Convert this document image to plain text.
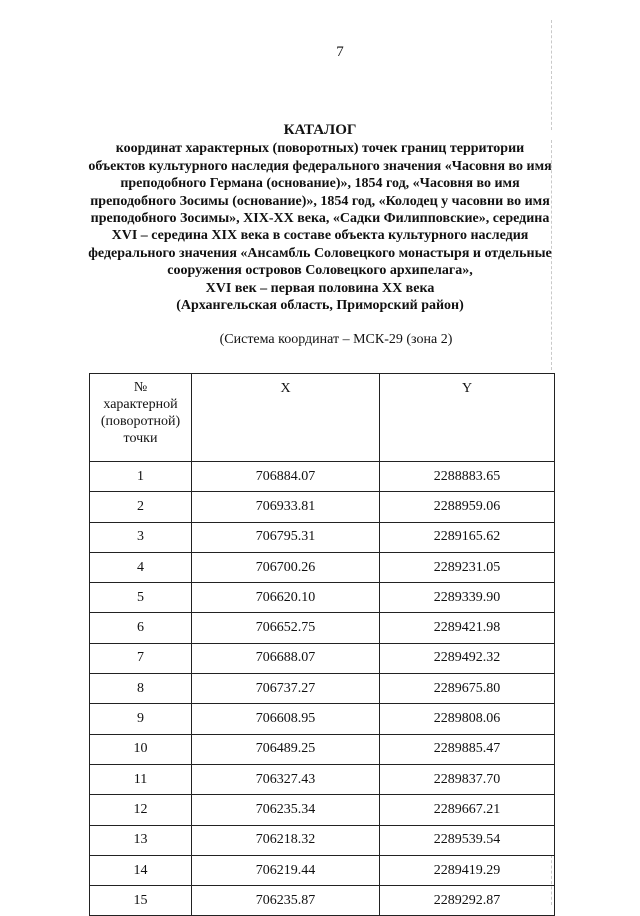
7
КАТАЛОГ
координат характерных (поворотных) точек границ территории
объектов культурного наследия федерального значения «Часовня во имя
преподобного Германа (основание)», 1854 год, «Часовня во имя
преподобного Зосимы (основание)», 1854 год, «Колодец у часовни во имя
преподобного Зосимы», XIX-XX века, «Садки Филипповские», середина
XVI – середина XIX века в составе объекта культурного наследия
федерального значения «Ансамбль Соловецкого монастыря и отдельные
сооружения островов Соловецкого архипелага»,
XVI век – первая половина XX века
(Архангельская область, Приморский район)
(Система координат – МСК-29 (зона 2)
№
характерной
(поворотной)
точки	X	Y
1	706884.07	2288883.65
2	706933.81	2288959.06
3	706795.31	2289165.62
4	706700.26	2289231.05
5	706620.10	2289339.90
6	706652.75	2289421.98
7	706688.07	2289492.32
8	706737.27	2289675.80
9	706608.95	2289808.06
10	706489.25	2289885.47
11	706327.43	2289837.70
12	706235.34	2289667.21
13	706218.32	2289539.54
14	706219.44	2289419.29
15	706235.87	2289292.87
